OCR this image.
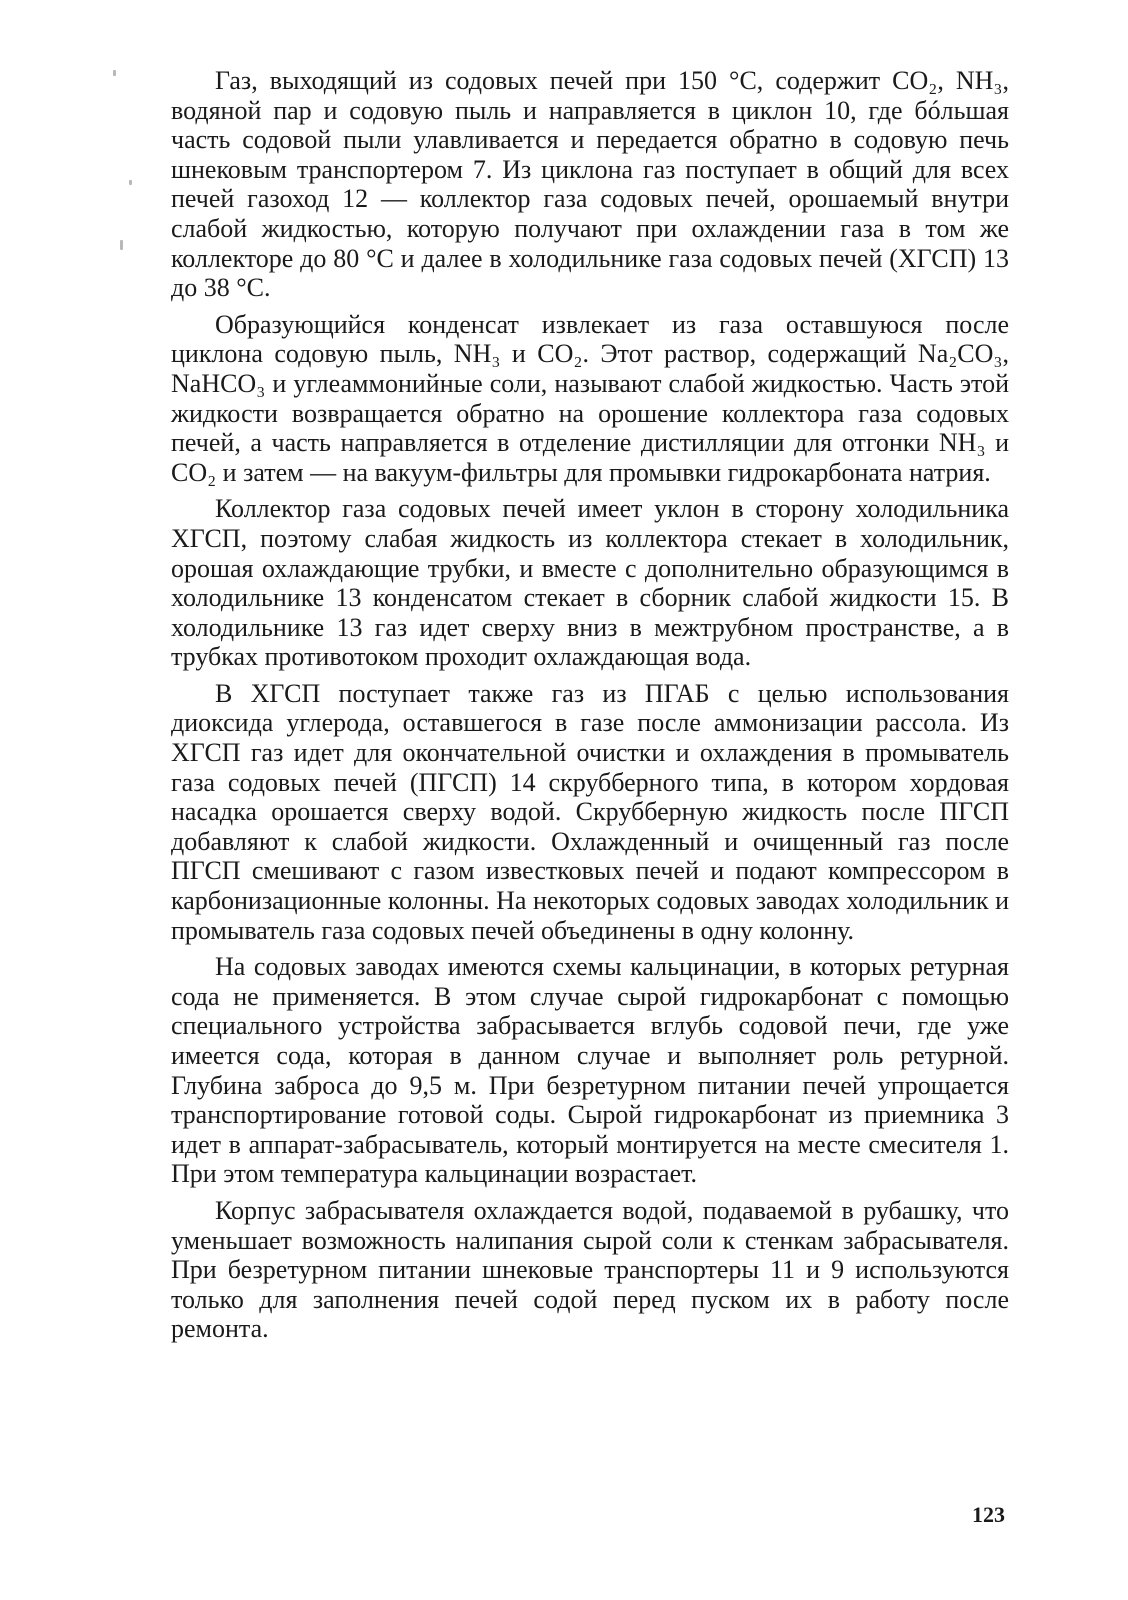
Газ, выходящий из содовых печей при 150 °С, содержит CO₂, NH₃, водяной пар и содовую пыль и направляется в циклон 10, где бóльшая часть содовой пыли улавливается и передается обратно в содовую печь шнековым транспортером 7. Из циклона газ поступает в общий для всех печей газоход 12 — коллектор газа содовых печей, орошаемый внутри слабой жидкостью, которую получают при охлаждении газа в том же коллекторе до 80 °С и далее в холодильнике газа содовых печей (ХГСП) 13 до 38 °С.

Образующийся конденсат извлекает из газа оставшуюся после циклона содовую пыль, NH₃ и CO₂. Этот раствор, содержащий Na₂CO₃, NaHCO₃ и углеаммонийные соли, называют слабой жидкостью. Часть этой жидкости возвращается обратно на орошение коллектора газа содовых печей, а часть направляется в отделение дистилляции для отгонки NH₃ и CO₂ и затем — на вакуум-фильтры для промывки гидрокарбоната натрия.

Коллектор газа содовых печей имеет уклон в сторону холодильника ХГСП, поэтому слабая жидкость из коллектора стекает в холодильник, орошая охлаждающие трубки, и вместе с дополнительно образующимся в холодильнике 13 конденсатом стекает в сборник слабой жидкости 15. В холодильнике 13 газ идет сверху вниз в межтрубном пространстве, а в трубках противотоком проходит охлаждающая вода.

В ХГСП поступает также газ из ПГАБ с целью использования диоксида углерода, оставшегося в газе после аммонизации рассола. Из ХГСП газ идет для окончательной очистки и охлаждения в промыватель газа содовых печей (ПГСП) 14 скрубберного типа, в котором хордовая насадка орошается сверху водой. Скрубберную жидкость после ПГСП добавляют к слабой жидкости. Охлажденный и очищенный газ после ПГСП смешивают с газом известковых печей и подают компрессором в карбонизационные колонны. На некоторых содовых заводах холодильник и промыватель газа содовых печей объединены в одну колонну.

На содовых заводах имеются схемы кальцинации, в которых ретурная сода не применяется. В этом случае сырой гидрокарбонат с помощью специального устройства забрасывается вглубь содовой печи, где уже имеется сода, которая в данном случае и выполняет роль ретурной. Глубина заброса до 9,5 м. При безретурном питании печей упрощается транспортирование готовой соды. Сырой гидрокарбонат из приемника 3 идет в аппарат-забрасыватель, который монтируется на месте смесителя 1. При этом температура кальцинации возрастает.

Корпус забрасывателя охлаждается водой, подаваемой в рубашку, что уменьшает возможность налипания сырой соли к стенкам забрасывателя. При безретурном питании шнековые транспортеры 11 и 9 используются только для заполнения печей содой перед пуском их в работу после ремонта.

123
